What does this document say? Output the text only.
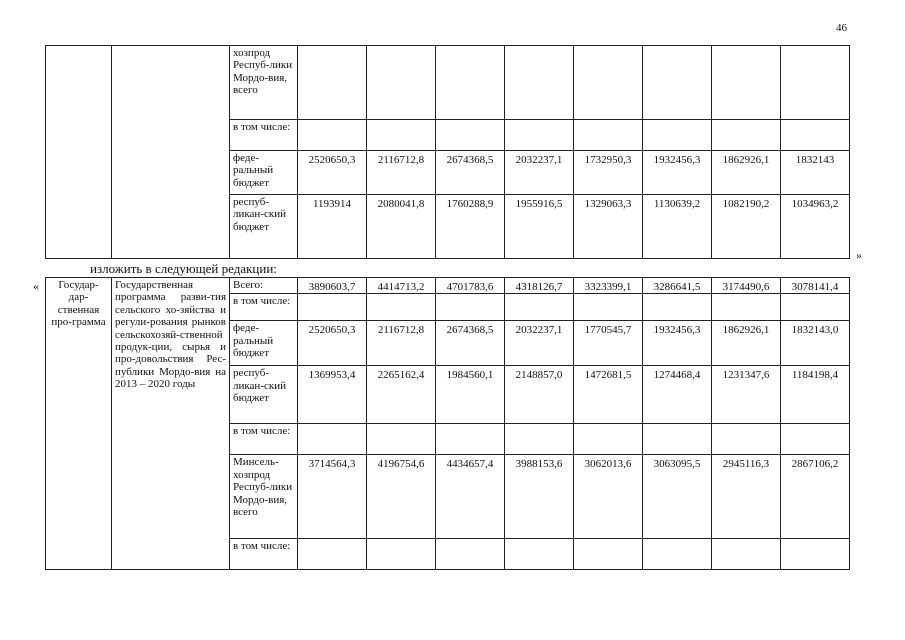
46
		хозпрод Респуб-лики Мордо-вия, всего								
		в том числе:								
		феде-ральный бюджет	2520650,3	2116712,8	2674368,5	2032237,1	1732950,3	1932456,3	1862926,1	1832143
		респуб-ликан-ский бюджет	1193914	2080041,8	1760288,9	1955916,5	1329063,3	1130639,2	1082190,2	1034963,2
»
изложить в следующей редакции:
« Государ-дар-ственная про-грамма	Государственная программа разви-тия сельского хо-зяйства и регули-рования рынков сельскохозяй-ственной продук-ции, сырья и про-довольствия Рес-публики Мордо-вия на 2013 – 2020 годы	Всего:	3890603,7	4414713,2	4701783,6	4318126,7	3323399,1	3286641,5	3174490,6	3078141,4
		в том числе:								
		феде-ральный бюджет	2520650,3	2116712,8	2674368,5	2032237,1	1770545,7	1932456,3	1862926,1	1832143,0
		респуб-ликан-ский бюджет	1369953,4	2265162,4	1984560,1	2148857,0	1472681,5	1274468,4	1231347,6	1184198,4
		в том числе:								
		Минсель-хозпрод Респуб-лики Мордо-вия, всего	3714564,3	4196754,6	4434657,4	3988153,6	3062013,6	3063095,5	2945116,3	2867106,2
		в том числе:								
